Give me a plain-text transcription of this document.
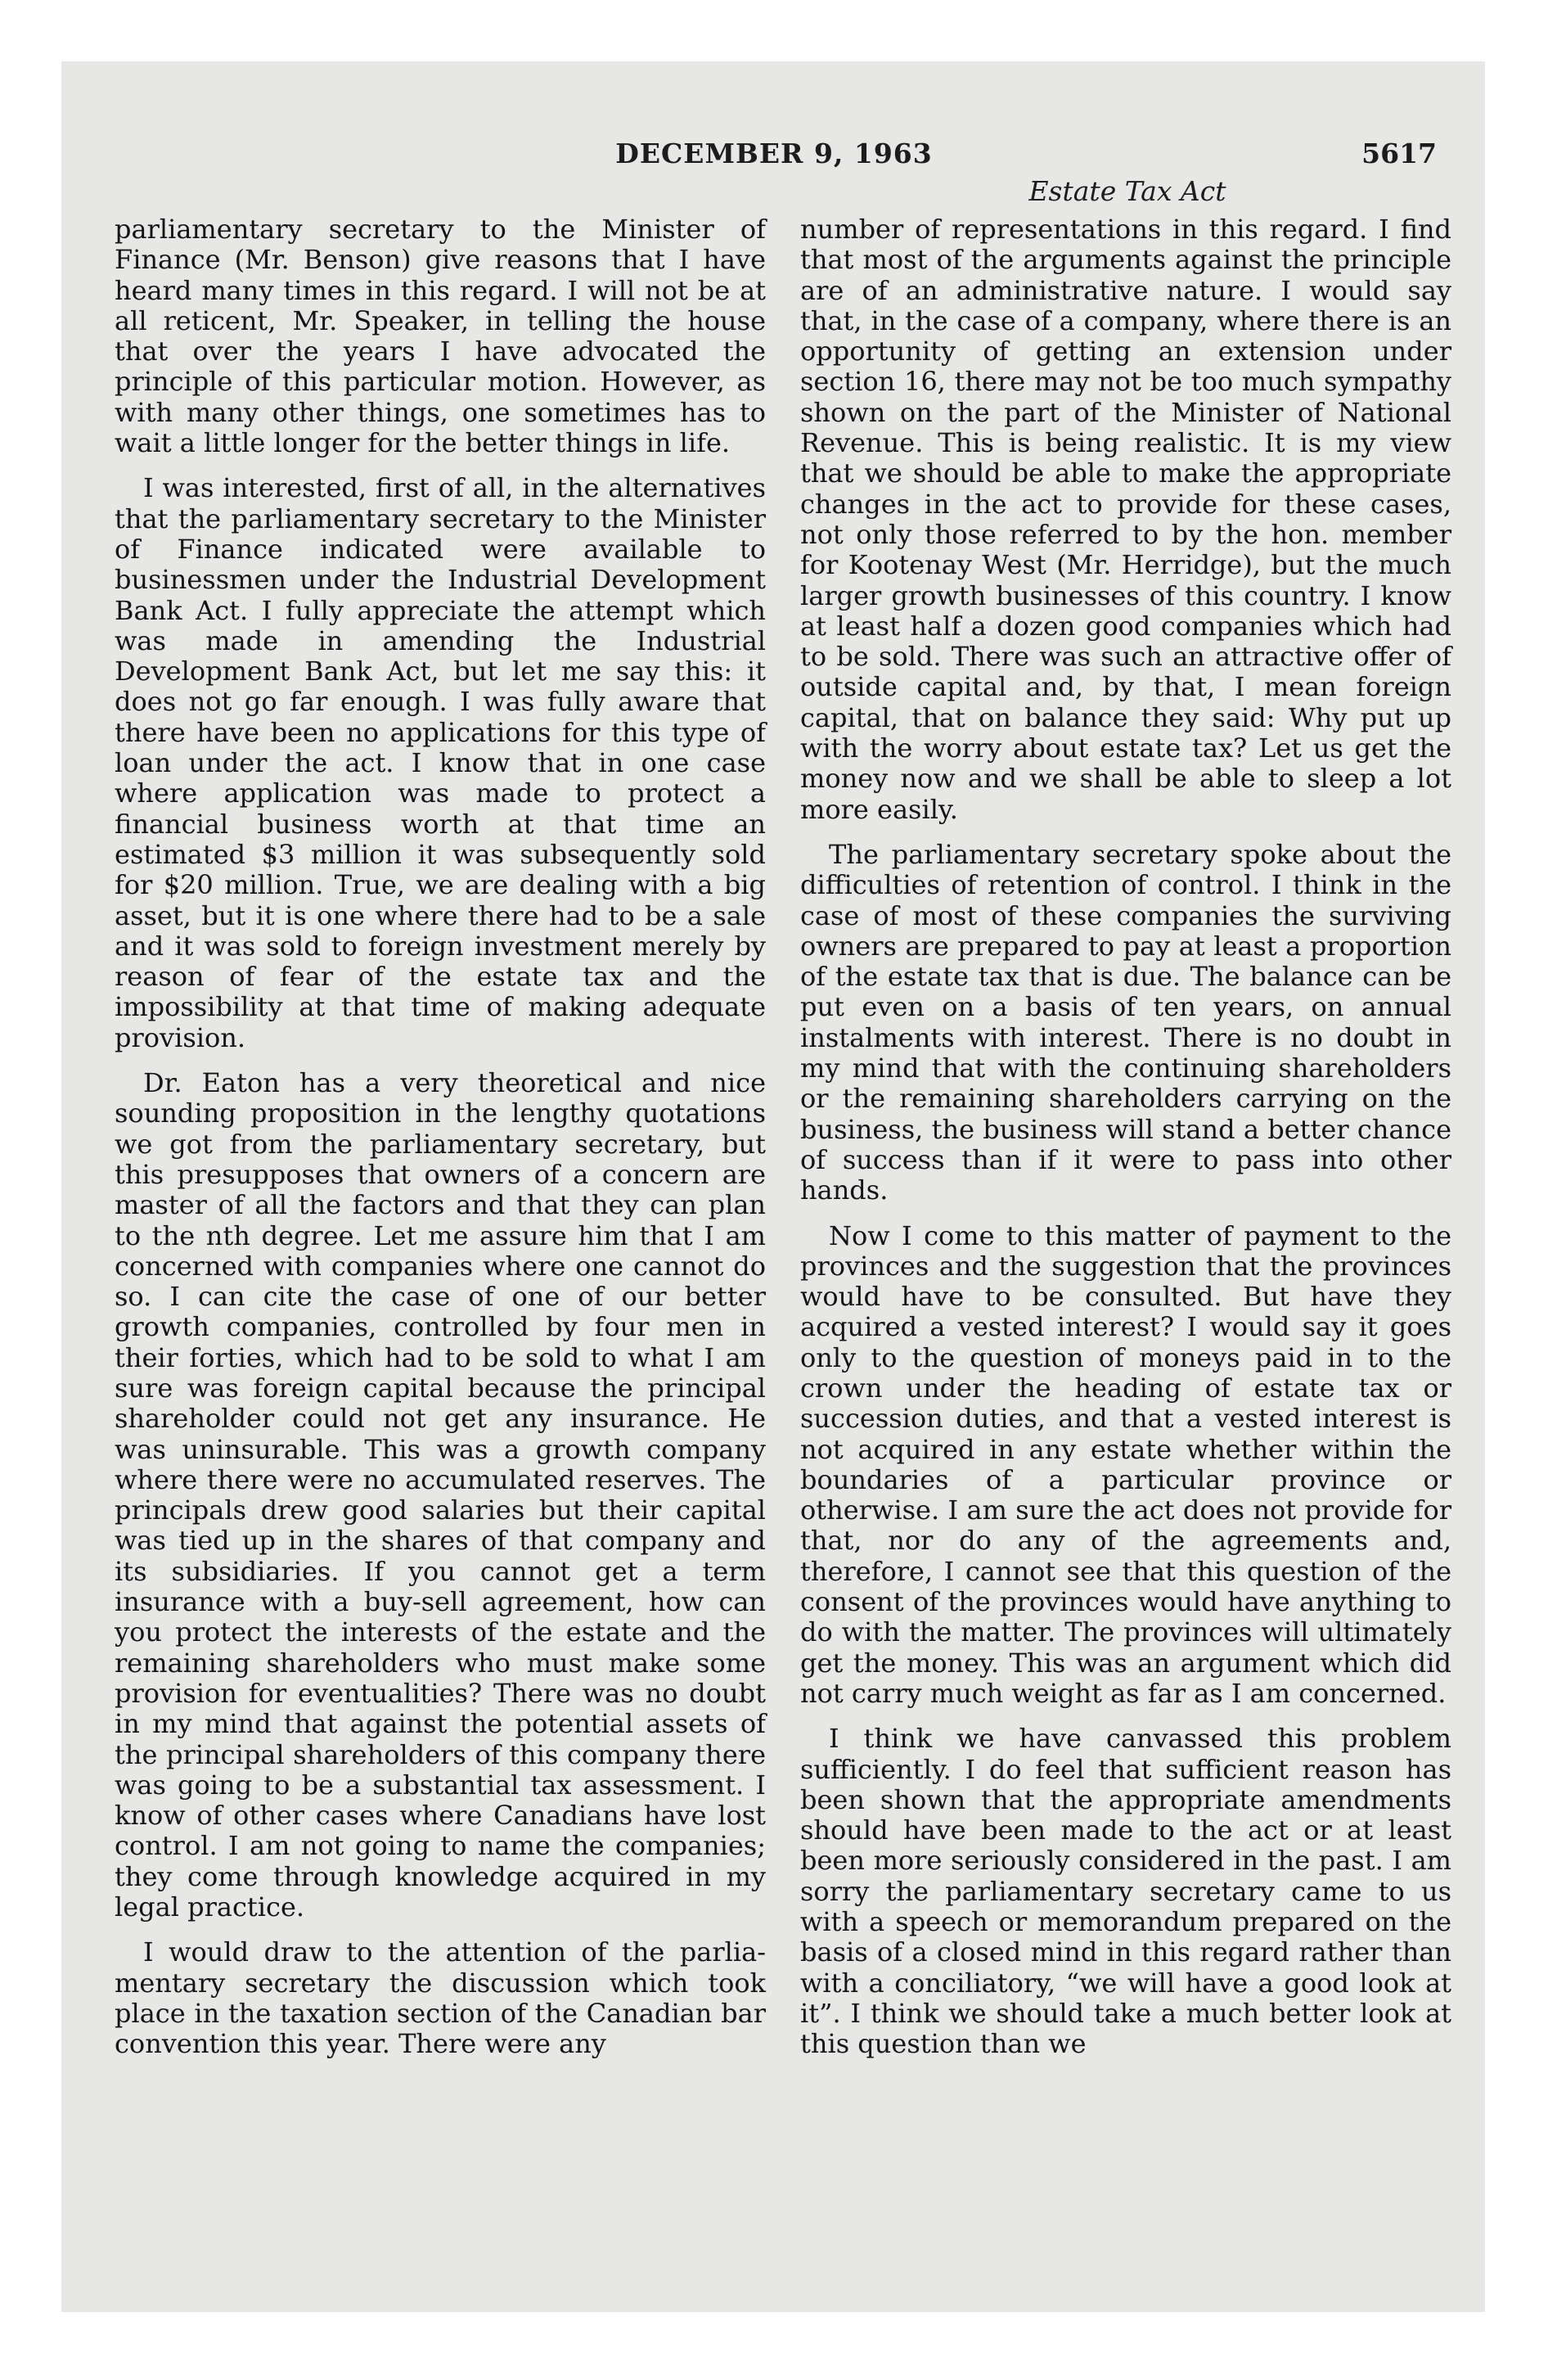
DECEMBER 9, 1963	5617
Estate Tax Act

parliamentary secretary to the Minister of Finance (Mr. Benson) give reasons that I have heard many times in this regard. I will not be at all reticent, Mr. Speaker, in telling the house that over the years I have advocated the principle of this particular motion. However, as with many other things, one sometimes has to wait a little longer for the better things in life.

I was interested, first of all, in the alternatives that the parliamentary secretary to the Minister of Finance indicated were available to businessmen under the Industrial Development Bank Act. I fully appreciate the attempt which was made in amending the Industrial Development Bank Act, but let me say this: it does not go far enough. I was fully aware that there have been no applications for this type of loan under the act. I know that in one case where application was made to protect a financial business worth at that time an estimated $3 million it was subsequently sold for $20 million. True, we are dealing with a big asset, but it is one where there had to be a sale and it was sold to foreign investment merely by reason of fear of the estate tax and the impossibility at that time of making adequate provision.

Dr. Eaton has a very theoretical and nice sounding proposition in the lengthy quotations we got from the parliamentary secretary, but this presupposes that owners of a concern are master of all the factors and that they can plan to the nth degree. Let me assure him that I am concerned with companies where one cannot do so. I can cite the case of one of our better growth companies, controlled by four men in their forties, which had to be sold to what I am sure was foreign capital because the principal shareholder could not get any insurance. He was uninsurable. This was a growth company where there were no accumulated reserves. The principals drew good salaries but their capital was tied up in the shares of that company and its subsidiaries. If you cannot get a term insurance with a buy-sell agreement, how can you protect the interests of the estate and the remaining shareholders who must make some provision for eventualities? There was no doubt in my mind that against the potential assets of the principal shareholders of this company there was going to be a substantial tax assessment. I know of other cases where Canadians have lost control. I am not going to name the companies; they come through knowledge acquired in my legal practice.

I would draw to the attention of the parliamentary secretary the discussion which took place in the taxation section of the Canadian bar convention this year. There were any

number of representations in this regard. I find that most of the arguments against the principle are of an administrative nature. I would say that, in the case of a company, where there is an opportunity of getting an extension under section 16, there may not be too much sympathy shown on the part of the Minister of National Revenue. This is being realistic. It is my view that we should be able to make the appropriate changes in the act to provide for these cases, not only those referred to by the hon. member for Kootenay West (Mr. Herridge), but the much larger growth businesses of this country. I know at least half a dozen good companies which had to be sold. There was such an attractive offer of outside capital and, by that, I mean foreign capital, that on balance they said: Why put up with the worry about estate tax? Let us get the money now and we shall be able to sleep a lot more easily.

The parliamentary secretary spoke about the difficulties of retention of control. I think in the case of most of these companies the surviving owners are prepared to pay at least a proportion of the estate tax that is due. The balance can be put even on a basis of ten years, on annual instalments with interest. There is no doubt in my mind that with the continuing shareholders or the remaining shareholders carrying on the business, the business will stand a better chance of success than if it were to pass into other hands.

Now I come to this matter of payment to the provinces and the suggestion that the provinces would have to be consulted. But have they acquired a vested interest? I would say it goes only to the question of moneys paid in to the crown under the heading of estate tax or succession duties, and that a vested interest is not acquired in any estate whether within the boundaries of a particular province or otherwise. I am sure the act does not provide for that, nor do any of the agreements and, therefore, I cannot see that this question of the consent of the provinces would have anything to do with the matter. The provinces will ultimately get the money. This was an argument which did not carry much weight as far as I am concerned.

I think we have canvassed this problem sufficiently. I do feel that sufficient reason has been shown that the appropriate amendments should have been made to the act or at least been more seriously considered in the past. I am sorry the parliamentary secretary came to us with a speech or memorandum prepared on the basis of a closed mind in this regard rather than with a conciliatory, “we will have a good look at it”. I think we should take a much better look at this question than we
